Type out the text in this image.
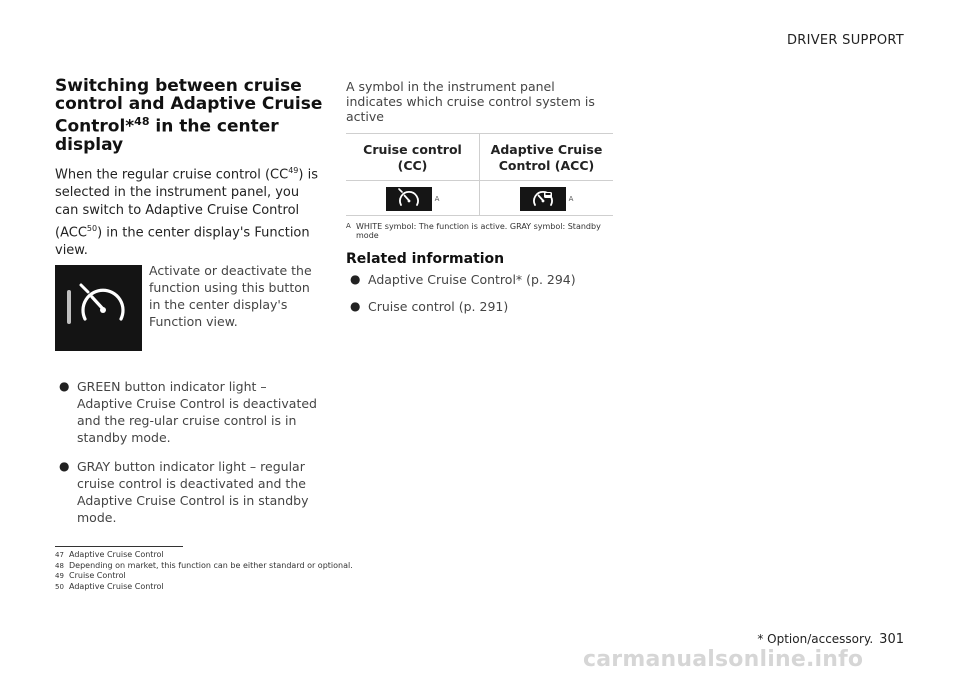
DRIVER SUPPORT
Switching between cruise control and Adaptive Cruise Control*$^{48}$ in the center display

When the regular cruise control (CC$^{49}$) is selected in the instrument panel, you can switch to Adaptive Cruise Control (ACC$^{50}$) in the center display's Function view.

Activate or deactivate the function using this button in the center display's Function view.
● GREEN button indicator light – Adaptive Cruise Control is deactivated and the reg-ular cruise control is in standby mode.
● GRAY button indicator light – regular cruise control is deactivated and the Adaptive Cruise Control is in standby mode.

A symbol in the instrument panel indicates which cruise control system is active

Cruise control (CC)	Adaptive Cruise Control (ACC)

A	A
A WHITE symbol: The function is active. GRAY symbol: Standby mode
Related information
● Adaptive Cruise Control* (p. 294)
● Cruise control (p. 291)
47 Adaptive Cruise Control
48 Depending on market, this function can be either standard or optional.
49 Cruise Control
50 Adaptive Cruise Control
* Option/accessory. 301
carmanualsonline.info
